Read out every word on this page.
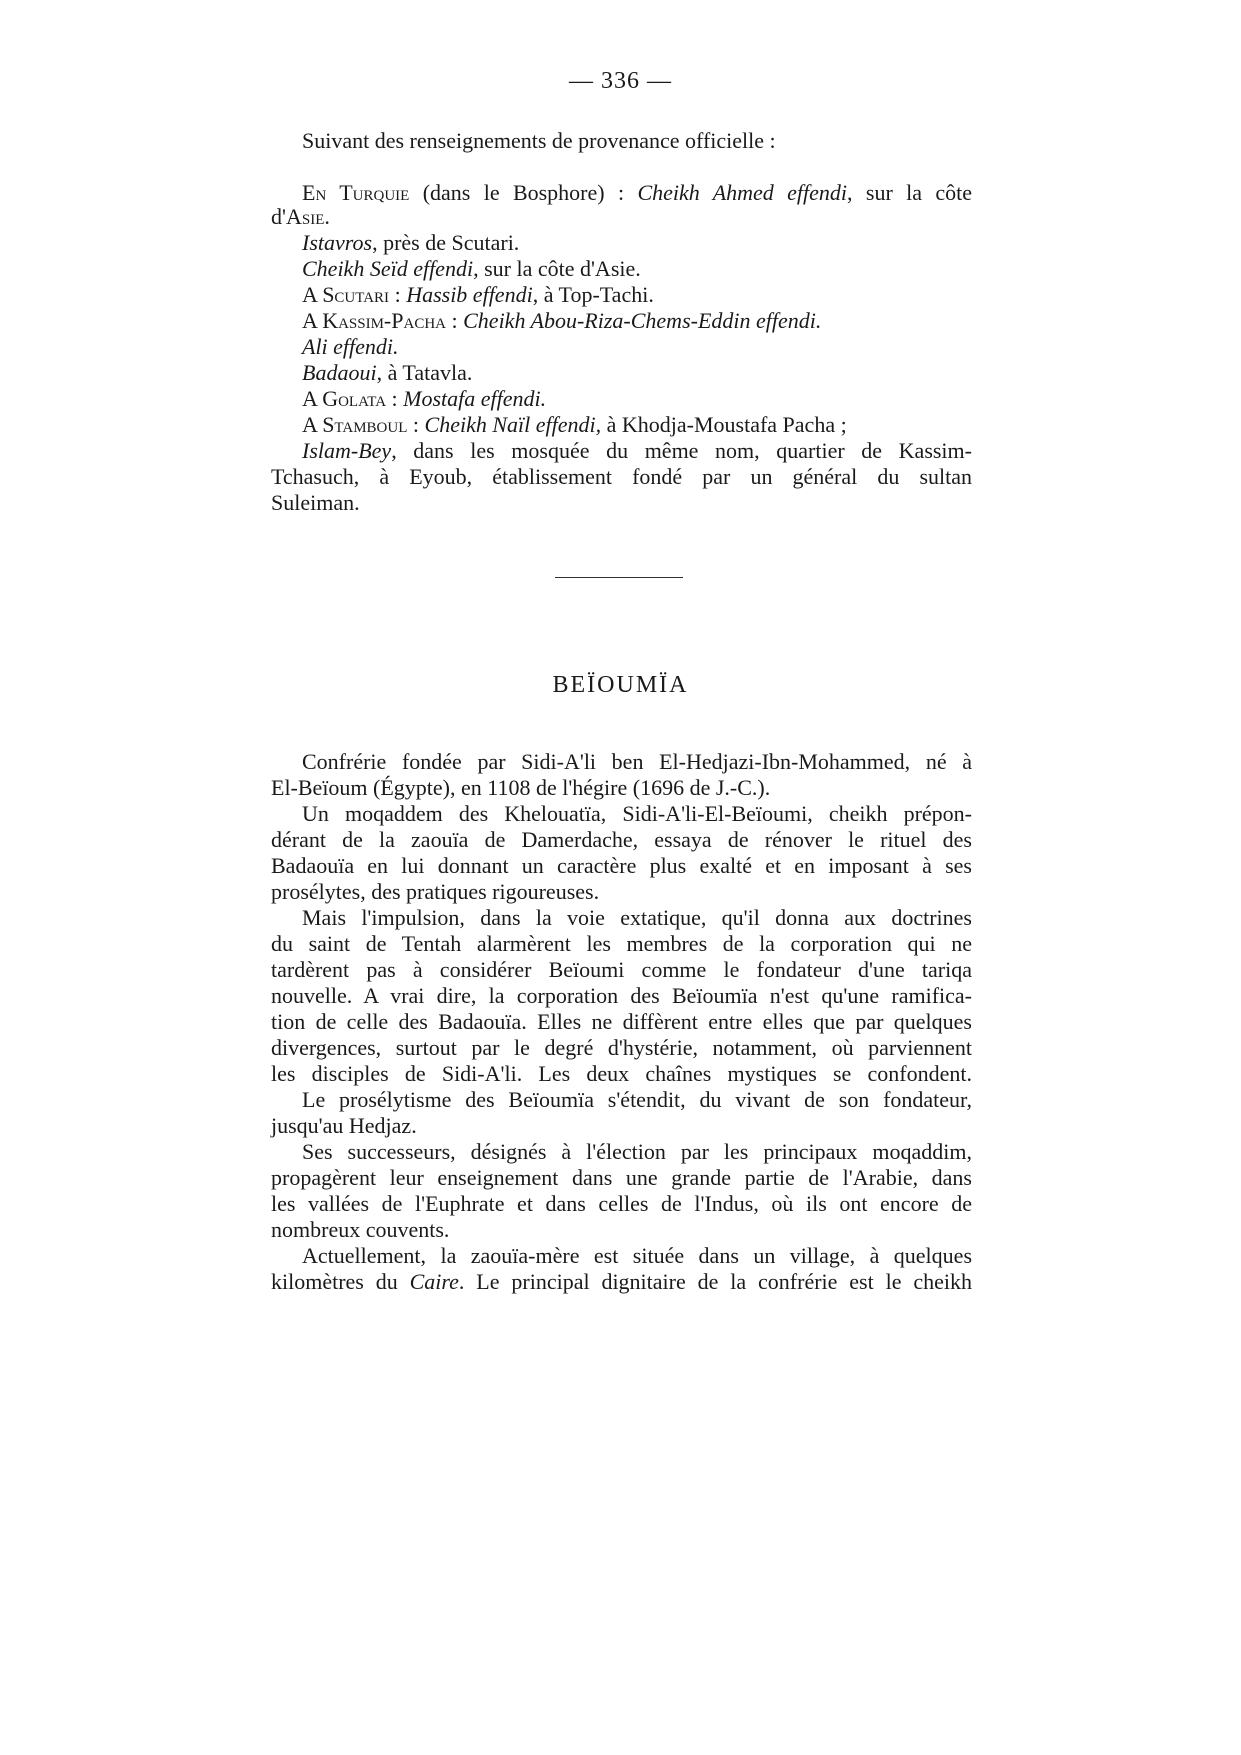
— 336 —
Suivant des renseignements de provenance officielle :
En Turquie (dans le Bosphore) : Cheikh Ahmed effendi, sur la côte
d'Asie.
Istavros, près de Scutari.
Cheikh Seïd effendi, sur la côte d'Asie.
A Scutari : Hassib effendi, à Top-Tachi.
A Kassim-Pacha : Cheikh Abou-Riza-Chems-Eddin effendi.
Ali effendi.
Badaoui, à Tatavla.
A Golata : Mostafa effendi.
A Stamboul : Cheikh Naïl effendi, à Khodja-Moustafa Pacha ;
Islam-Bey, dans les mosquée du même nom, quartier de Kassim-
Tchasuch, à Eyoub, établissement fondé par un général du sultan
Suleiman.
BEÏOUMÏA
Confrérie fondée par Sidi-A'li ben El-Hedjazi-Ibn-Mohammed, né à
El-Beïoum (Égypte), en 1108 de l'hégire (1696 de J.-C.).
Un moqaddem des Khelouatïa, Sidi-A'li-El-Beïoumi, cheikh prépon-
dérant de la zaouïa de Damerdache, essaya de rénover le rituel des
Badaouïa en lui donnant un caractère plus exalté et en imposant à ses
prosélytes, des pratiques rigoureuses.
Mais l'impulsion, dans la voie extatique, qu'il donna aux doctrines
du saint de Tentah alarmèrent les membres de la corporation qui ne
tardèrent pas à considérer Beïoumi comme le fondateur d'une tariqa
nouvelle. A vrai dire, la corporation des Beïoumïa n'est qu'une ramifica-
tion de celle des Badaouïa. Elles ne diffèrent entre elles que par quelques
divergences, surtout par le degré d'hystérie, notamment, où parviennent
les disciples de Sidi-A'li. Les deux chaînes mystiques se confondent.
Le prosélytisme des Beïoumïa s'étendit, du vivant de son fondateur,
jusqu'au Hedjaz.
Ses successeurs, désignés à l'élection par les principaux moqaddim,
propagèrent leur enseignement dans une grande partie de l'Arabie, dans
les vallées de l'Euphrate et dans celles de l'Indus, où ils ont encore de
nombreux couvents.
Actuellement, la zaouïa-mère est située dans un village, à quelques
kilomètres du Caire. Le principal dignitaire de la confrérie est le cheikh
